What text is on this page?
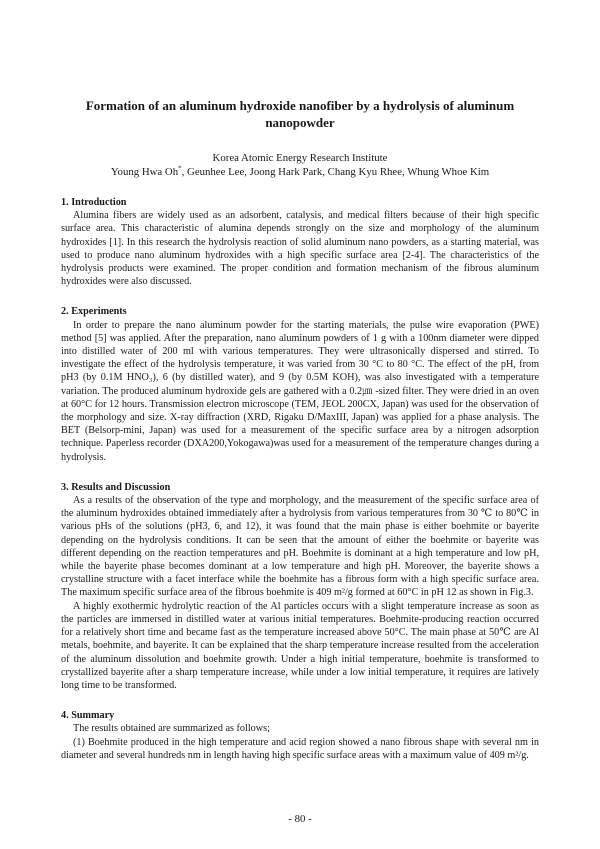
Formation of an aluminum hydroxide nanofiber by a hydrolysis of aluminum nanopowder
Korea Atomic Energy Research Institute
Young Hwa Oh*, Geunhee Lee, Joong Hark Park, Chang Kyu Rhee, Whung Whoe Kim
1. Introduction

Alumina fibers are widely used as an adsorbent, catalysis, and medical filters because of their high specific surface area. This characteristic of alumina depends strongly on the size and morphology of the aluminum hydroxides [1]. In this research the hydrolysis reaction of solid aluminum nano powders, as a starting material, was used to produce nano aluminum hydroxides with a high specific surface area [2-4]. The characteristics of the hydrolysis products were examined. The proper condition and formation mechanism of the fibrous aluminum hydroxides were also discussed.

2. Experiments

In order to prepare the nano aluminum powder for the starting materials, the pulse wire evaporation (PWE) method [5] was applied. After the preparation, nano aluminum powders of 1 g with a 100nm diameter were dipped into distilled water of 200 ml with various temperatures. They were ultrasonically dispersed and stirred. To investigate the effect of the hydrolysis temperature, it was varied from 30 °C to 80 °C. The effect of the pH, from pH3 (by 0.1M HNO₃), 6 (by distilled water), and 9 (by 0.5M KOH), was also investigated with a temperature variation. The produced aluminum hydroxide gels are gathered with a 0.2㎛ -sized filter. They were dried in an oven at 60°C for 12 hours. Transmission electron microscope (TEM, JEOL 200CX, Japan) was used for the observation of the morphology and size. X-ray diffraction (XRD, Rigaku D/MaxIII, Japan) was applied for a phase analysis. The BET (Belsorp-mini, Japan) was used for a measurement of the specific surface area by a nitrogen adsorption technique. Paperless recorder (DXA200,Yokogawa)was used for a measurement of the temperature changes during a hydrolysis.

3. Results and Discussion

As a results of the observation of the type and morphology, and the measurement of the specific surface area of the aluminum hydroxides obtained immediately after a hydrolysis from various temperatures from 30 ℃ to 80℃ in various pHs of the solutions (pH3, 6, and 12), it was found that the main phase is either boehmite or bayerite depending on the hydrolysis conditions. It can be seen that the amount of either the boehmite or bayerite was different depending on the reaction temperatures and pH. Boehmite is dominant at a high temperature and low pH, while the bayerite phase becomes dominant at a low temperature and high pH. Moreover, the bayerite shows a crystalline structure with a facet interface while the boehmite has a fibrous form with a high specific surface area. The maximum specific surface area of the fibrous boehmite is 409 m²/g formed at 60°C in pH 12 as shown in Fig.3.

A highly exothermic hydrolytic reaction of the Al particles occurs with a slight temperature increase as soon as the particles are immersed in distilled water at various initial temperatures. Boehmite-producing reaction occurred for a relatively short time and became fast as the temperature increased above 50°C. The main phase at 50℃ are Al metals, boehmite, and bayerite. It can be explained that the sharp temperature increase resulted from the acceleration of the aluminum dissolution and boehmite growth. Under a high initial temperature, boehmite is transformed to crystallized bayerite after a sharp temperature increase, while under a low initial temperature, it requires are latively long time to be transformed.

4. Summary

The results obtained are summarized as follows;

(1) Boehmite produced in the high temperature and acid region showed a nano fibrous shape with several nm in diameter and several hundreds nm in length having high specific surface areas with a maximum value of 409 m²/g.

- 80 -
